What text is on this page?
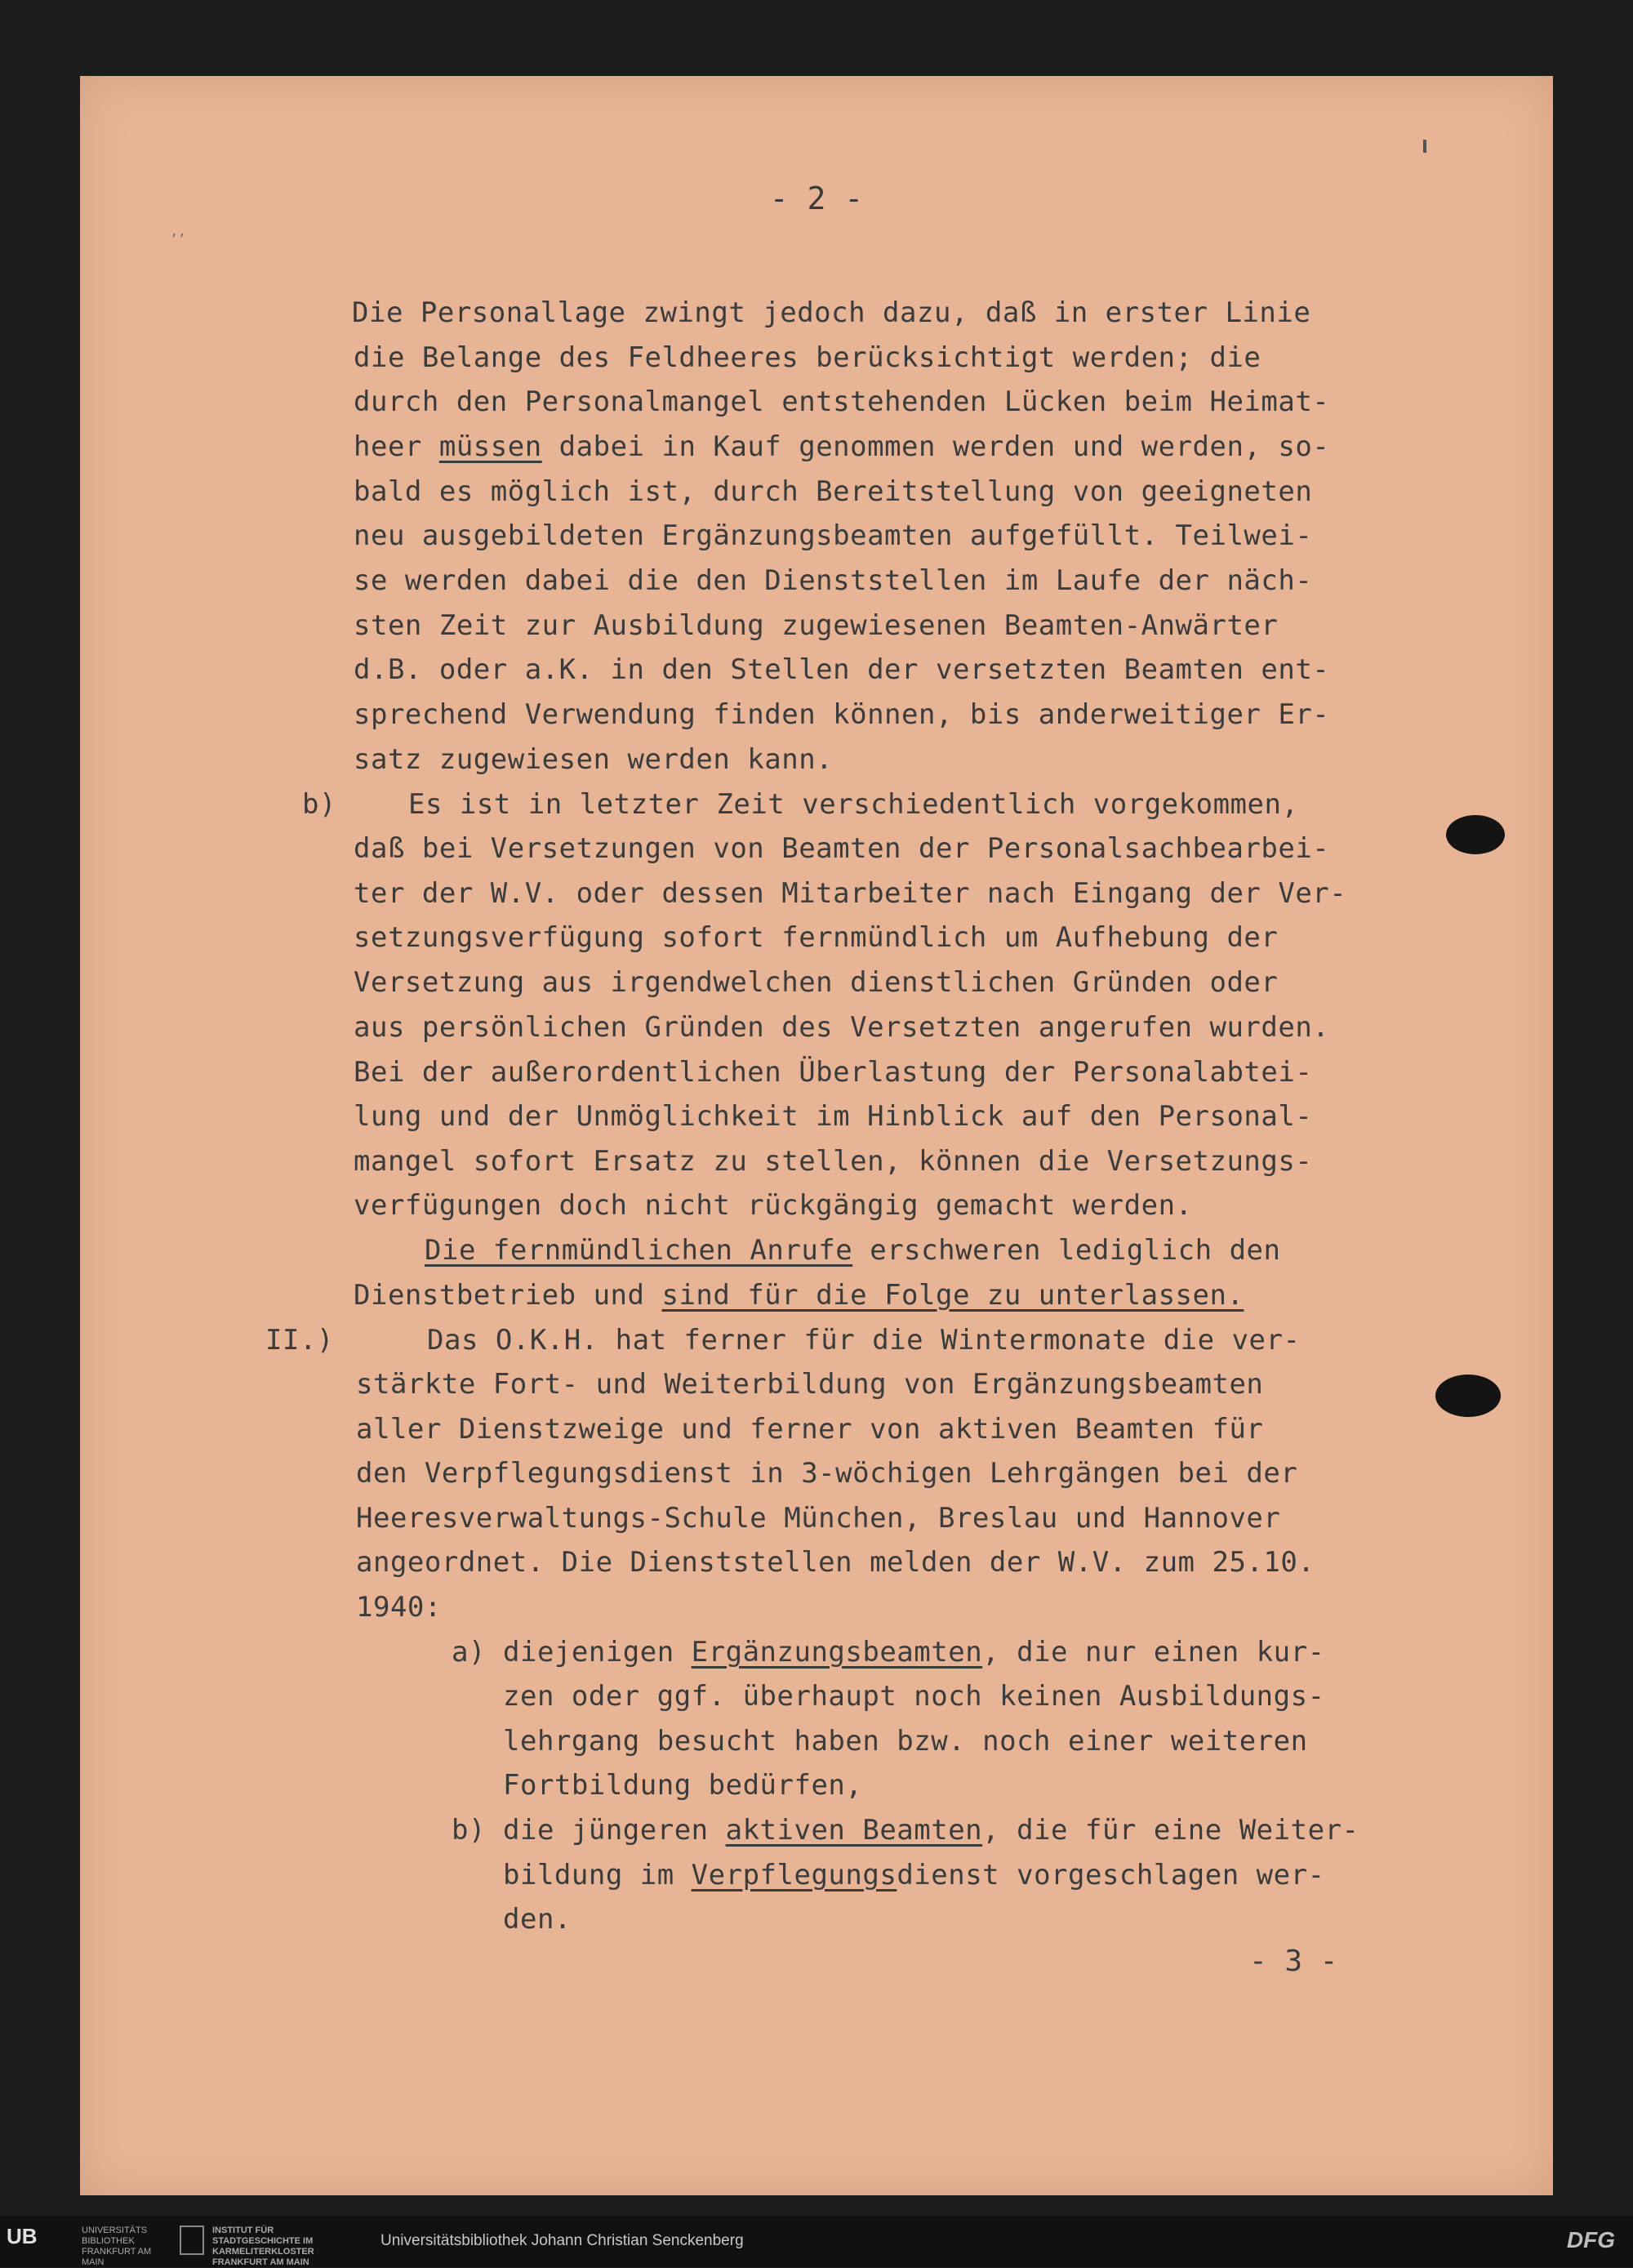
ʼʼ
- 2 -
Die Personallage zwingt jedoch dazu, daß in erster Linie
die Belange des Feldheeres berücksichtigt werden; die
durch den Personalmangel entstehenden Lücken beim Heimat-
heer müssen dabei in Kauf genommen werden und werden, so-
bald es möglich ist, durch Bereitstellung von geeigneten
neu ausgebildeten Ergänzungsbeamten aufgefüllt. Teilwei-
se werden dabei die den Dienststellen im Laufe der näch-
sten Zeit zur Ausbildung zugewiesenen Beamten-Anwärter
d.B. oder a.K. in den Stellen der versetzten Beamten ent-
sprechend Verwendung finden können, bis anderweitiger Er-
satz zugewiesen werden kann.
b)	Es ist in letzter Zeit verschiedentlich vorgekommen,
daß bei Versetzungen von Beamten der Personalsachbearbei-
ter der W.V. oder dessen Mitarbeiter nach Eingang der Ver-
setzungsverfügung sofort fernmündlich um Aufhebung der
Versetzung aus irgendwelchen dienstlichen Gründen oder
aus persönlichen Gründen des Versetzten angerufen wurden.
Bei der außerordentlichen Überlastung der Personalabtei-
lung und der Unmöglichkeit im Hinblick auf den Personal-
mangel sofort Ersatz zu stellen, können die Versetzungs-
verfügungen doch nicht rückgängig gemacht werden.
Die fernmündlichen Anrufe erschweren lediglich den
Dienstbetrieb und sind für die Folge zu unterlassen.
II.)	Das O.K.H. hat ferner für die Wintermonate die ver-
stärkte Fort- und Weiterbildung von Ergänzungsbeamten
aller Dienstzweige und ferner von aktiven Beamten für
den Verpflegungsdienst in 3-wöchigen Lehrgängen bei der
Heeresverwaltungs-Schule München, Breslau und Hannover
angeordnet. Die Dienststellen melden der W.V. zum 25.10.
1940:
a) diejenigen Ergänzungsbeamten, die nur einen kur-
zen oder ggf. überhaupt noch keinen Ausbildungs-
lehrgang besucht haben bzw. noch einer weiteren
Fortbildung bedürfen,
b) die jüngeren aktiven Beamten, die für eine Weiter-
bildung im Verpflegungsdienst vorgeschlagen wer-
den.
- 3 -
UB	UNIVERSITÄTS BIBLIOTHEK FRANKFURT AM MAIN
INSTITUT FÜR STADTGESCHICHTE IM KARMELITERKLOSTER FRANKFURT AM MAIN
Universitätsbibliothek Johann Christian Senckenberg	DFG
